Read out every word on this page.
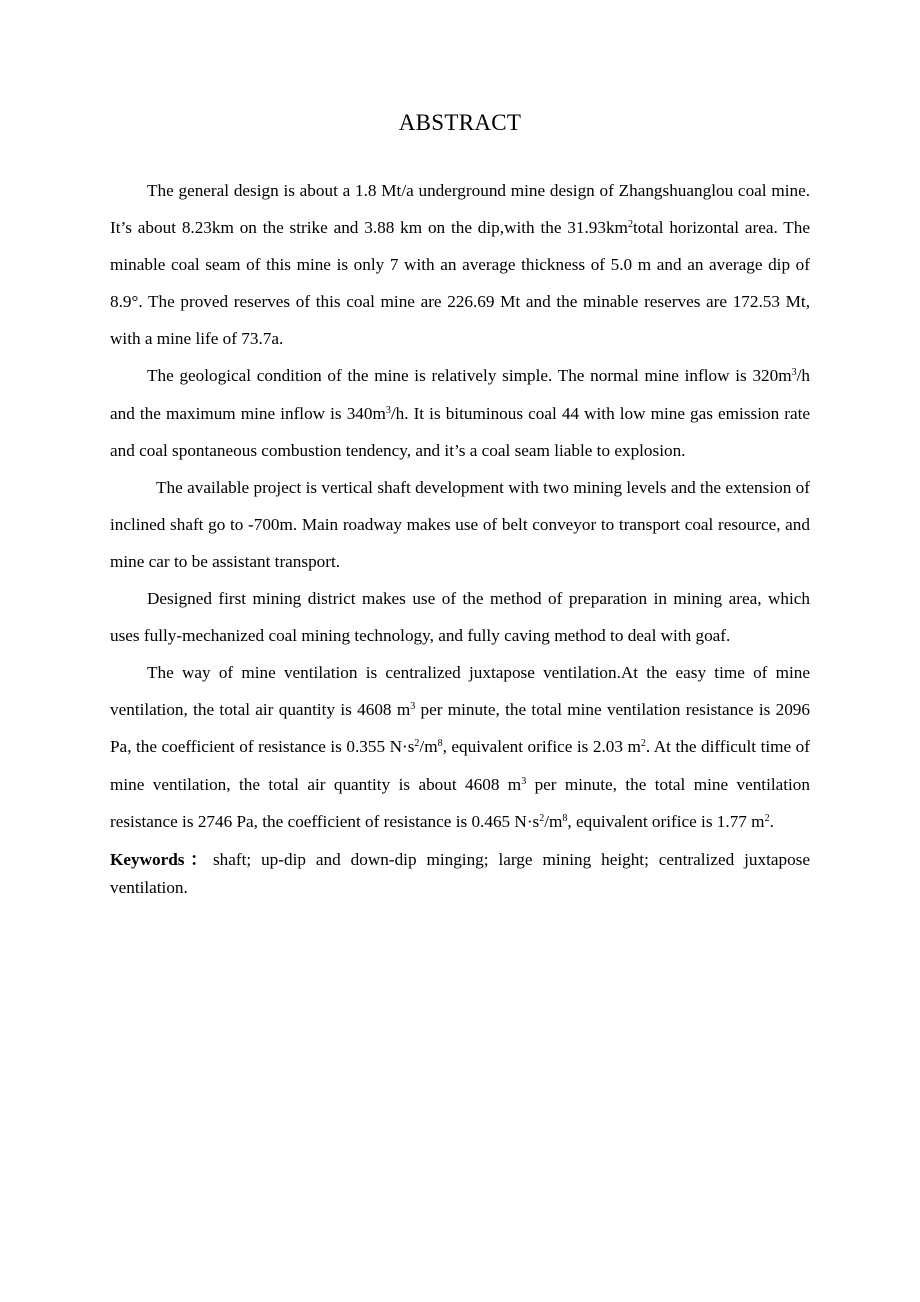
ABSTRACT

The general design is about a 1.8 Mt/a underground mine design of Zhangshuanglou coal mine. It’s about 8.23km on the strike and 3.88 km on the dip,with the $31.93km^2total$ horizontal area. The minable coal seam of this mine is only 7 with an average thickness of 5.0 m and an average dip of 8.9°. The proved reserves of this coal mine are 226.69 Mt and the minable reserves are 172.53 Mt, with a mine life of 73.7a.

The geological condition of the mine is relatively simple. The normal mine inflow is $320m^3/h$ and the maximum mine inflow is $340m^3/h$. It is bituminous coal 44 with low mine gas emission rate and coal spontaneous combustion tendency, and it’s a coal seam liable to explosion.

The available project is vertical shaft development with two mining levels and the extension of inclined shaft go to -700m. Main roadway makes use of belt conveyor to transport coal resource, and mine car to be assistant transport.

Designed first mining district makes use of the method of preparation in mining area, which uses fully-mechanized coal mining technology, and fully caving method to deal with goaf.

The way of mine ventilation is centralized juxtapose ventilation.At the easy time of mine ventilation, the total air quantity is 4608 $m^3$ per minute, the total mine ventilation resistance is 2096 Pa, the coefficient of resistance is 0.355 $N\cdot s^2/m^8$, equivalent orifice is 2.03 $m^2$. At the difficult time of mine ventilation, the total air quantity is about 4608 $m^3$ per minute, the total mine ventilation resistance is 2746 Pa, the coefficient of resistance is 0.465 $N\cdot s^2/m^8$, equivalent orifice is 1.77 $m^2$.

Keywords：shaft; up-dip and down-dip minging; large mining height; centralized juxtapose ventilation.
